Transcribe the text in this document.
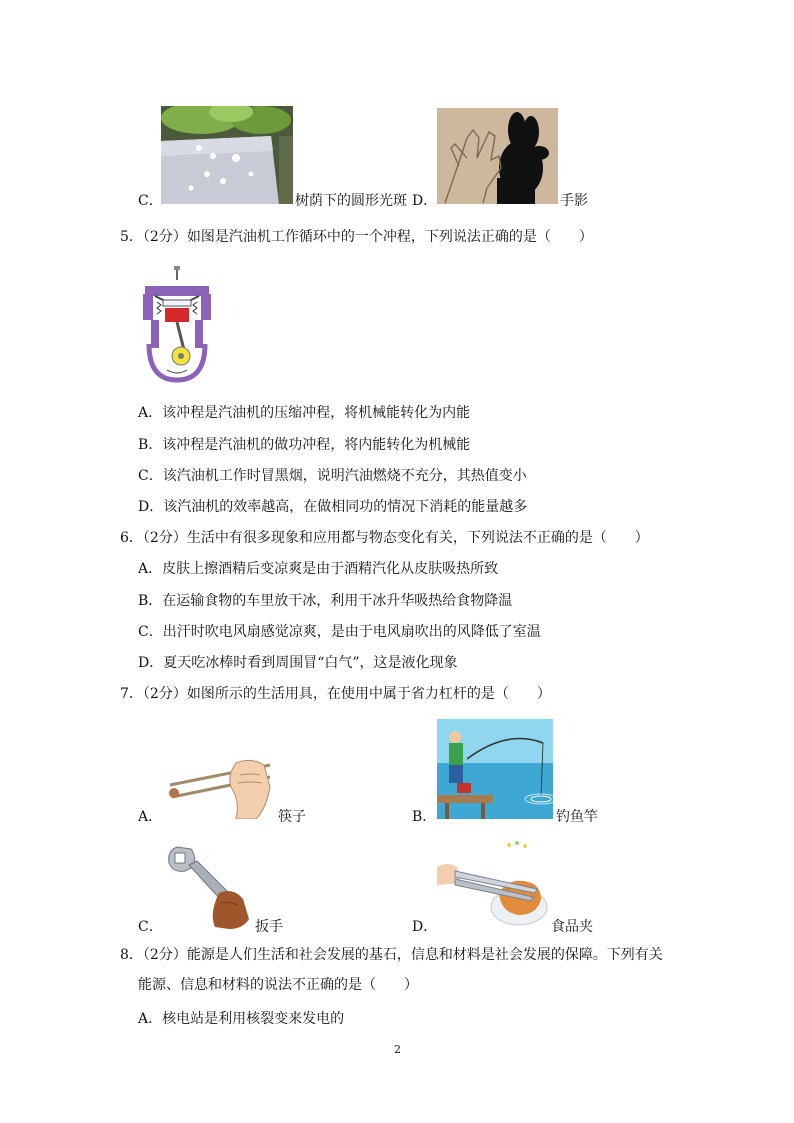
C．	树荫下的圆形光斑 D．	手影
5．（2分）如图是汽油机工作循环中的一个冲程，下列说法正确的是（　　）
A．该冲程是汽油机的压缩冲程，将机械能转化为内能
B．该冲程是汽油机的做功冲程，将内能转化为机械能
C．该汽油机工作时冒黑烟，说明汽油燃烧不充分，其热值变小
D．该汽油机的效率越高，在做相同功的情况下消耗的能量越多
6．（2分）生活中有很多现象和应用都与物态变化有关，下列说法不正确的是（　　）
A．皮肤上擦酒精后变凉爽是由于酒精汽化从皮肤吸热所致
B．在运输食物的车里放干冰，利用干冰升华吸热给食物降温
C．出汗时吹电风扇感觉凉爽，是由于电风扇吹出的风降低了室温
D．夏天吃冰棒时看到周围冒“白气”，这是液化现象
7．（2分）如图所示的生活用具，在使用中属于省力杠杆的是（　　）
A．	筷子	B．	钓鱼竿
C．	扳手	D．	食品夹
8．（2分）能源是人们生活和社会发展的基石，信息和材料是社会发展的保障。下列有关
能源、信息和材料的说法不正确的是（　　）
A．核电站是利用核裂变来发电的
2
